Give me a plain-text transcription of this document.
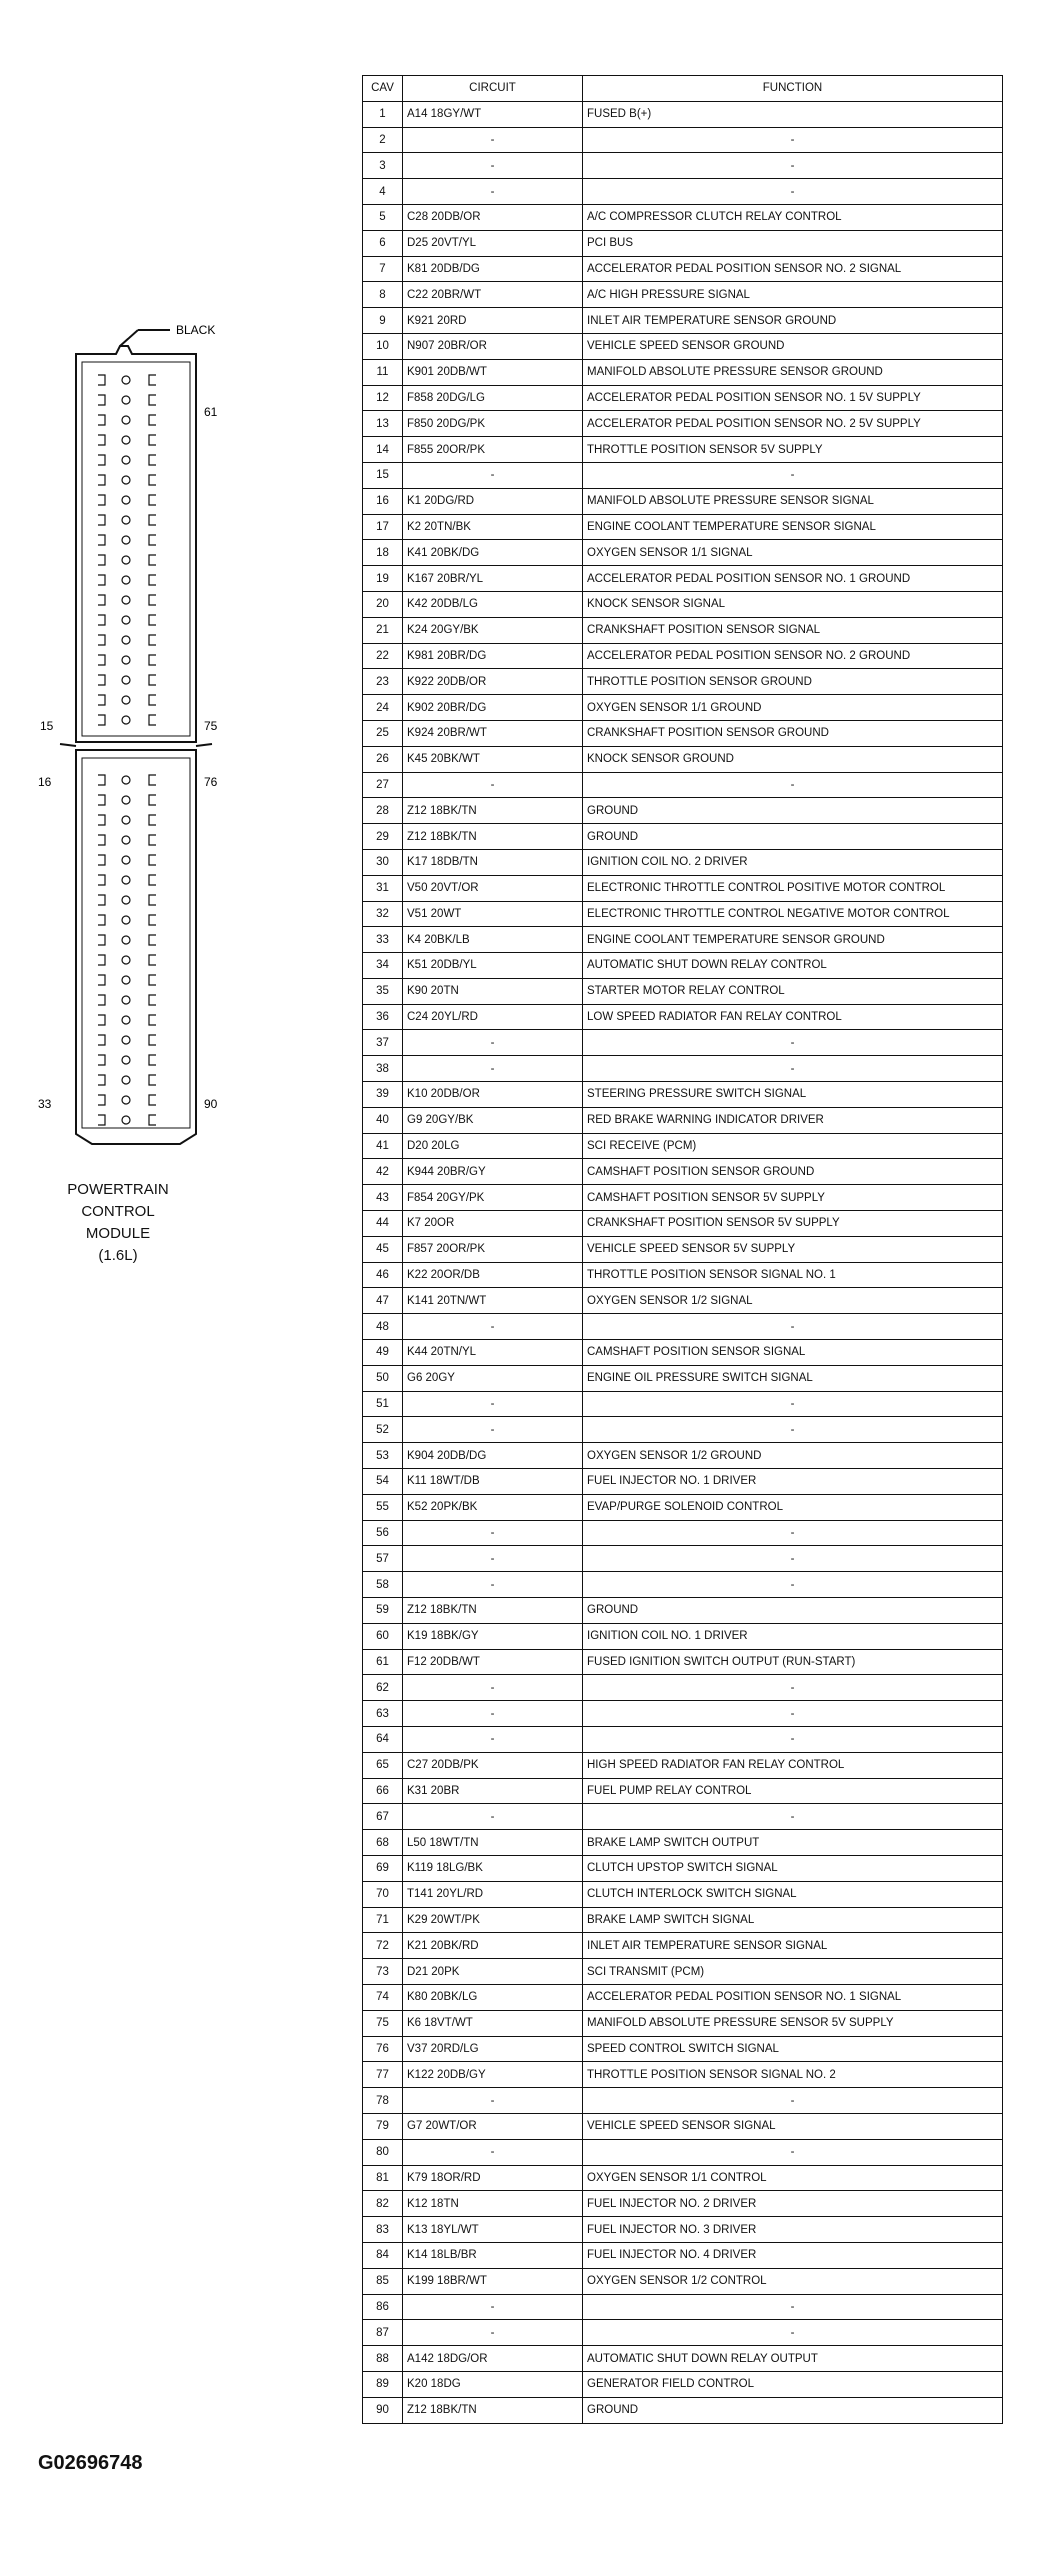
BLACK
61
15	75
16	76
33	90
POWERTRAIN
CONTROL
MODULE
(1.6L)
CAV	CIRCUIT	FUNCTION
1	A14 18GY/WT	FUSED B(+)
2	-	-
3	-	-
4	-	-
5	C28 20DB/OR	A/C COMPRESSOR CLUTCH RELAY CONTROL
6	D25 20VT/YL	PCI BUS
7	K81 20DB/DG	ACCELERATOR PEDAL POSITION SENSOR NO. 2 SIGNAL
8	C22 20BR/WT	A/C HIGH PRESSURE SIGNAL
9	K921 20RD	INLET AIR TEMPERATURE SENSOR GROUND
10	N907 20BR/OR	VEHICLE SPEED SENSOR GROUND
11	K901 20DB/WT	MANIFOLD ABSOLUTE PRESSURE SENSOR GROUND
12	F858 20DG/LG	ACCELERATOR PEDAL POSITION SENSOR NO. 1 5V SUPPLY
13	F850 20DG/PK	ACCELERATOR PEDAL POSITION SENSOR NO. 2 5V SUPPLY
14	F855 20OR/PK	THROTTLE POSITION SENSOR 5V SUPPLY
15	-	-
16	K1 20DG/RD	MANIFOLD ABSOLUTE PRESSURE SENSOR SIGNAL
17	K2 20TN/BK	ENGINE COOLANT TEMPERATURE SENSOR SIGNAL
18	K41 20BK/DG	OXYGEN SENSOR 1/1 SIGNAL
19	K167 20BR/YL	ACCELERATOR PEDAL POSITION SENSOR NO. 1 GROUND
20	K42 20DB/LG	KNOCK SENSOR SIGNAL
21	K24 20GY/BK	CRANKSHAFT POSITION SENSOR SIGNAL
22	K981 20BR/DG	ACCELERATOR PEDAL POSITION SENSOR NO. 2 GROUND
23	K922 20DB/OR	THROTTLE POSITION SENSOR GROUND
24	K902 20BR/DG	OXYGEN SENSOR 1/1 GROUND
25	K924 20BR/WT	CRANKSHAFT POSITION SENSOR GROUND
26	K45 20BK/WT	KNOCK SENSOR GROUND
27	-	-
28	Z12 18BK/TN	GROUND
29	Z12 18BK/TN	GROUND
30	K17 18DB/TN	IGNITION COIL NO. 2 DRIVER
31	V50 20VT/OR	ELECTRONIC THROTTLE CONTROL POSITIVE MOTOR CONTROL
32	V51 20WT	ELECTRONIC THROTTLE CONTROL NEGATIVE MOTOR CONTROL
33	K4 20BK/LB	ENGINE COOLANT TEMPERATURE SENSOR GROUND
34	K51 20DB/YL	AUTOMATIC SHUT DOWN RELAY CONTROL
35	K90 20TN	STARTER MOTOR RELAY CONTROL
36	C24 20YL/RD	LOW SPEED RADIATOR FAN RELAY CONTROL
37	-	-
38	-	-
39	K10 20DB/OR	STEERING PRESSURE SWITCH SIGNAL
40	G9 20GY/BK	RED BRAKE WARNING INDICATOR DRIVER
41	D20 20LG	SCI RECEIVE (PCM)
42	K944 20BR/GY	CAMSHAFT POSITION SENSOR GROUND
43	F854 20GY/PK	CAMSHAFT POSITION SENSOR 5V SUPPLY
44	K7 20OR	CRANKSHAFT POSITION SENSOR 5V SUPPLY
45	F857 20OR/PK	VEHICLE SPEED SENSOR 5V SUPPLY
46	K22 20OR/DB	THROTTLE POSITION SENSOR SIGNAL NO. 1
47	K141 20TN/WT	OXYGEN SENSOR 1/2 SIGNAL
48	-	-
49	K44 20TN/YL	CAMSHAFT POSITION SENSOR SIGNAL
50	G6 20GY	ENGINE OIL PRESSURE SWITCH SIGNAL
51	-	-
52	-	-
53	K904 20DB/DG	OXYGEN SENSOR 1/2 GROUND
54	K11 18WT/DB	FUEL INJECTOR NO. 1 DRIVER
55	K52 20PK/BK	EVAP/PURGE SOLENOID CONTROL
56	-	-
57	-	-
58	-	-
59	Z12 18BK/TN	GROUND
60	K19 18BK/GY	IGNITION COIL NO. 1 DRIVER
61	F12 20DB/WT	FUSED IGNITION SWITCH OUTPUT (RUN-START)
62	-	-
63	-	-
64	-	-
65	C27 20DB/PK	HIGH SPEED RADIATOR FAN RELAY CONTROL
66	K31 20BR	FUEL PUMP RELAY CONTROL
67	-	-
68	L50 18WT/TN	BRAKE LAMP SWITCH OUTPUT
69	K119 18LG/BK	CLUTCH UPSTOP SWITCH SIGNAL
70	T141 20YL/RD	CLUTCH INTERLOCK SWITCH SIGNAL
71	K29 20WT/PK	BRAKE LAMP SWITCH SIGNAL
72	K21 20BK/RD	INLET AIR TEMPERATURE SENSOR SIGNAL
73	D21 20PK	SCI TRANSMIT (PCM)
74	K80 20BK/LG	ACCELERATOR PEDAL POSITION SENSOR NO. 1 SIGNAL
75	K6 18VT/WT	MANIFOLD ABSOLUTE PRESSURE SENSOR 5V SUPPLY
76	V37 20RD/LG	SPEED CONTROL SWITCH SIGNAL
77	K122 20DB/GY	THROTTLE POSITION SENSOR SIGNAL NO. 2
78	-	-
79	G7 20WT/OR	VEHICLE SPEED SENSOR SIGNAL
80	-	-
81	K79 18OR/RD	OXYGEN SENSOR 1/1 CONTROL
82	K12 18TN	FUEL INJECTOR NO. 2 DRIVER
83	K13 18YL/WT	FUEL INJECTOR NO. 3 DRIVER
84	K14 18LB/BR	FUEL INJECTOR NO. 4 DRIVER
85	K199 18BR/WT	OXYGEN SENSOR 1/2 CONTROL
86	-	-
87	-	-
88	A142 18DG/OR	AUTOMATIC SHUT DOWN RELAY OUTPUT
89	K20 18DG	GENERATOR FIELD CONTROL
90	Z12 18BK/TN	GROUND
G02696748
